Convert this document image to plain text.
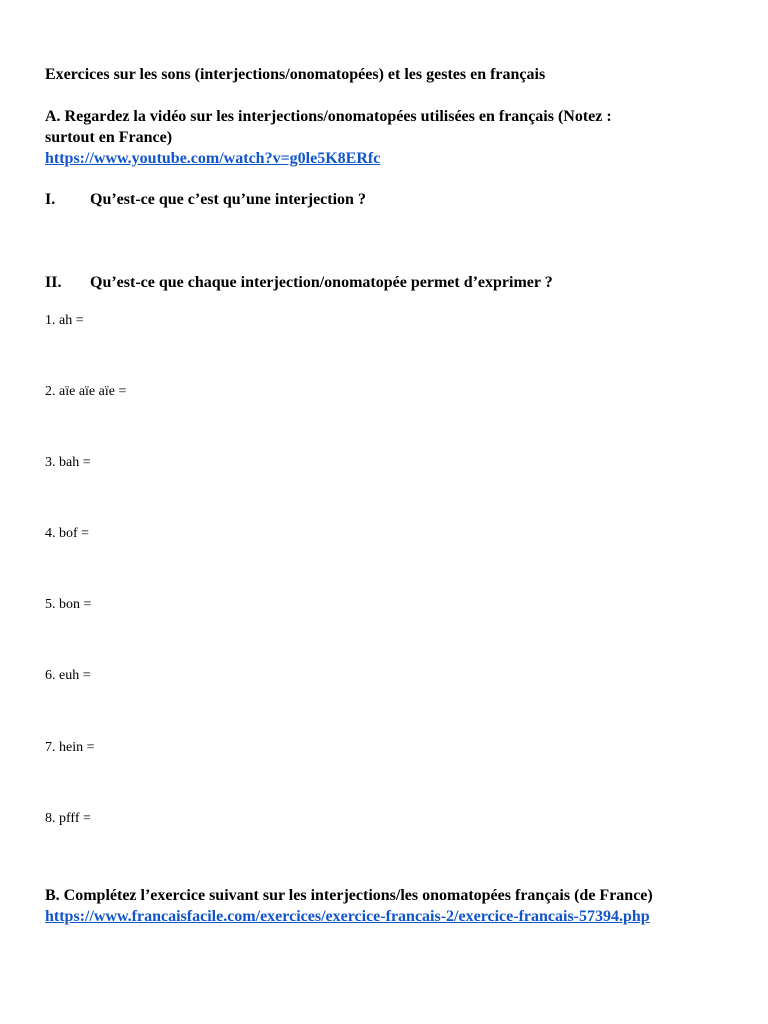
Exercices sur les sons (interjections/onomatopées) et les gestes en français
A. Regardez la vidéo sur les interjections/onomatopées utilisées en français (Notez :
surtout en France)
https://www.youtube.com/watch?v=g0le5K8ERfc
I. Qu’est-ce que c’est qu’une interjection ?
II. Qu’est-ce que chaque interjection/onomatopée permet d’exprimer ?
1. ah =
2. aïe aïe aïe =
3. bah =
4. bof =
5. bon =
6. euh =
7. hein =
8. pfff =
B. Complétez l’exercice suivant sur les interjections/les onomatopées français (de France)
https://www.francaisfacile.com/exercices/exercice-francais-2/exercice-francais-57394.php
